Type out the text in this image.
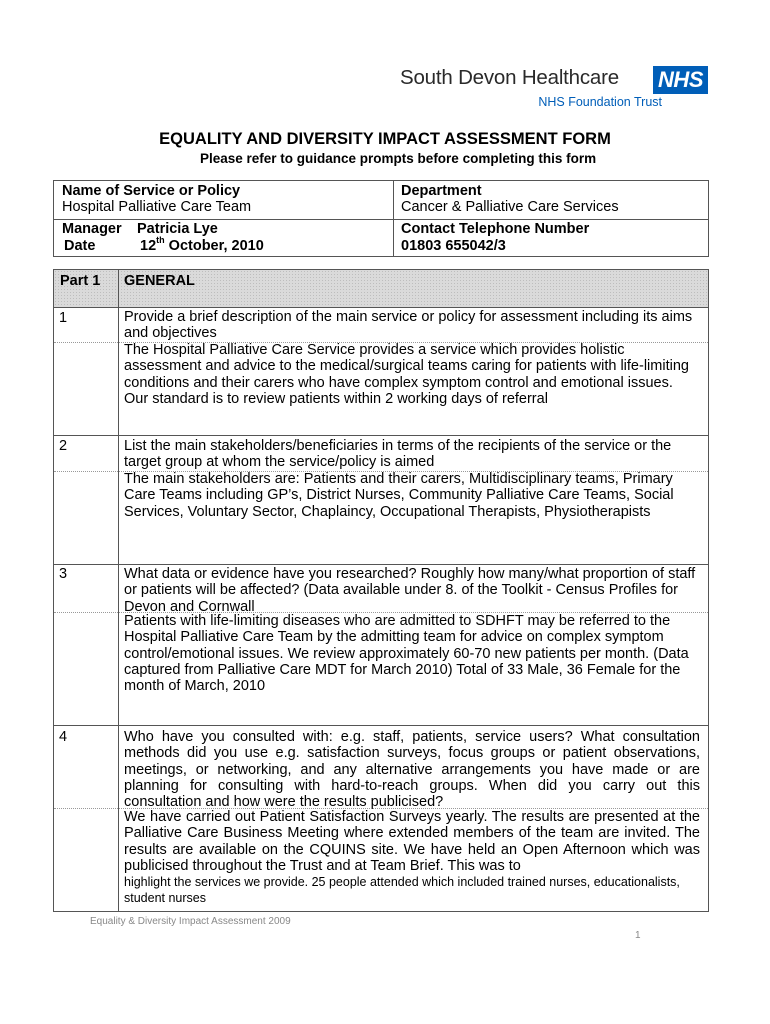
South Devon Healthcare NHS
NHS Foundation Trust
EQUALITY AND DIVERSITY IMPACT ASSESSMENT FORM
Please refer to guidance prompts before completing this form
Name of Service or Policy
Hospital Palliative Care Team
Department
Cancer & Palliative Care Services
Manager Patricia Lye
Date	12th October, 2010
Contact Telephone Number
01803 655042/3
Part 1 GENERAL
1	Provide a brief description of the main service or policy for assessment including its aims and objectives

The Hospital Palliative Care Service provides a service which provides holistic assessment and advice to the medical/surgical teams caring for patients with life-limiting conditions and their carers who have complex symptom control and emotional issues. Our standard is to review patients within 2 working days of referral

2	List the main stakeholders/beneficiaries in terms of the recipients of the service or the target group at whom the service/policy is aimed

The main stakeholders are: Patients and their carers, Multidisciplinary teams, Primary Care Teams including GP’s, District Nurses, Community Palliative Care Teams, Social Services, Voluntary Sector, Chaplaincy, Occupational Therapists, Physiotherapists

3	What data or evidence have you researched? Roughly how many/what proportion of staff or patients will be affected? (Data available under 8. of the Toolkit - Census Profiles for Devon and Cornwall

Patients with life-limiting diseases who are admitted to SDHFT may be referred to the Hospital Palliative Care Team by the admitting team for advice on complex symptom control/emotional issues. We review approximately 60-70 new patients per month. (Data captured from Palliative Care MDT for March 2010) Total of 33 Male, 36 Female for the month of March, 2010

4	Who have you consulted with: e.g. staff, patients, service users? What consultation methods did you use e.g. satisfaction surveys, focus groups or patient observations, meetings, or networking, and any alternative arrangements you have made or are planning for consulting with hard-to-reach groups. When did you carry out this consultation and how were the results publicised?

We have carried out Patient Satisfaction Surveys yearly. The results are presented at the Palliative Care Business Meeting where extended members of the team are invited. The results are available on the CQUINS site. We have held an Open Afternoon which was publicised throughout the Trust and at Team Brief. This was to

highlight the services we provide. 25 people attended which included trained nurses, educationalists, student nurses

Equality & Diversity Impact Assessment 2009
1
